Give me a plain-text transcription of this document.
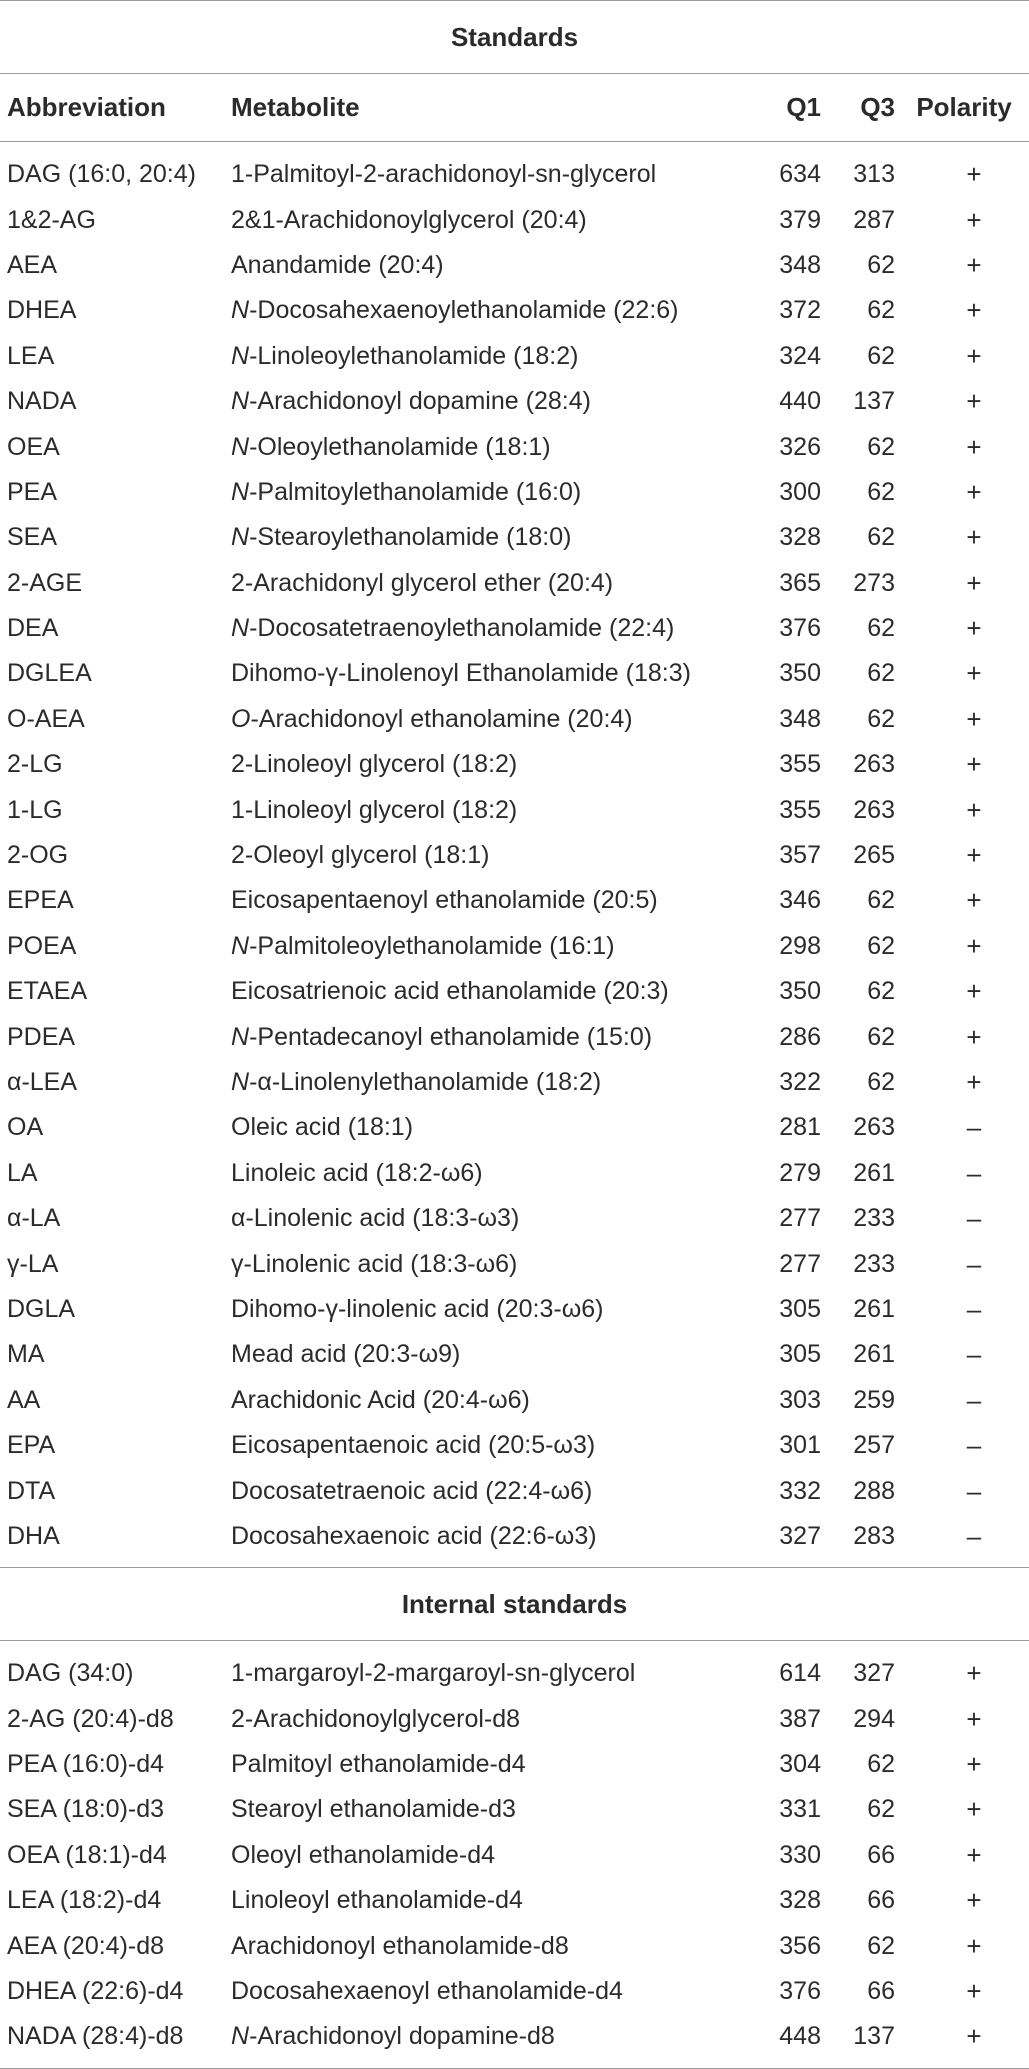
Standards				
Abbreviation	Metabolite	Q1	Q3	Polarity
DAG (16:0, 20:4)	1-Palmitoyl-2-arachidonoyl-sn-glycerol	634	313	+
1&2-AG	2&1-Arachidonoylglycerol (20:4)	379	287	+
AEA	Anandamide (20:4)	348	62	+
DHEA	N-Docosahexaenoylethanolamide (22:6)	372	62	+
LEA	N-Linoleoylethanolamide (18:2)	324	62	+
NADA	N-Arachidonoyl dopamine (28:4)	440	137	+
OEA	N-Oleoylethanolamide (18:1)	326	62	+
PEA	N-Palmitoylethanolamide (16:0)	300	62	+
SEA	N-Stearoylethanolamide (18:0)	328	62	+
2-AGE	2-Arachidonyl glycerol ether (20:4)	365	273	+
DEA	N-Docosatetraenoylethanolamide (22:4)	376	62	+
DGLEA	Dihomo-γ-Linolenoyl Ethanolamide (18:3)	350	62	+
O-AEA	O-Arachidonoyl ethanolamine (20:4)	348	62	+
2-LG	2-Linoleoyl glycerol (18:2)	355	263	+
1-LG	1-Linoleoyl glycerol (18:2)	355	263	+
2-OG	2-Oleoyl glycerol (18:1)	357	265	+
EPEA	Eicosapentaenoyl ethanolamide (20:5)	346	62	+
POEA	N-Palmitoleoylethanolamide (16:1)	298	62	+
ETAEA	Eicosatrienoic acid ethanolamide (20:3)	350	62	+
PDEA	N-Pentadecanoyl ethanolamide (15:0)	286	62	+
α-LEA	N-α-Linolenylethanolamide (18:2)	322	62	+
OA	Oleic acid (18:1)	281	263	–
LA	Linoleic acid (18:2-ω6)	279	261	–
α-LA	α-Linolenic acid (18:3-ω3)	277	233	–
γ-LA	γ-Linolenic acid (18:3-ω6)	277	233	–
DGLA	Dihomo-γ-linolenic acid (20:3-ω6)	305	261	–
MA	Mead acid (20:3-ω9)	305	261	–
AA	Arachidonic Acid (20:4-ω6)	303	259	–
EPA	Eicosapentaenoic acid (20:5-ω3)	301	257	–
DTA	Docosatetraenoic acid (22:4-ω6)	332	288	–
DHA	Docosahexaenoic acid (22:6-ω3)	327	283	–
Internal standards				
DAG (34:0)	1-margaroyl-2-margaroyl-sn-glycerol	614	327	+
2-AG (20:4)-d8	2-Arachidonoylglycerol-d8	387	294	+
PEA (16:0)-d4	Palmitoyl ethanolamide-d4	304	62	+
SEA (18:0)-d3	Stearoyl ethanolamide-d3	331	62	+
OEA (18:1)-d4	Oleoyl ethanolamide-d4	330	66	+
LEA (18:2)-d4	Linoleoyl ethanolamide-d4	328	66	+
AEA (20:4)-d8	Arachidonoyl ethanolamide-d8	356	62	+
DHEA (22:6)-d4	Docosahexaenoyl ethanolamide-d4	376	66	+
NADA (28:4)-d8	N-Arachidonoyl dopamine-d8	448	137	+
